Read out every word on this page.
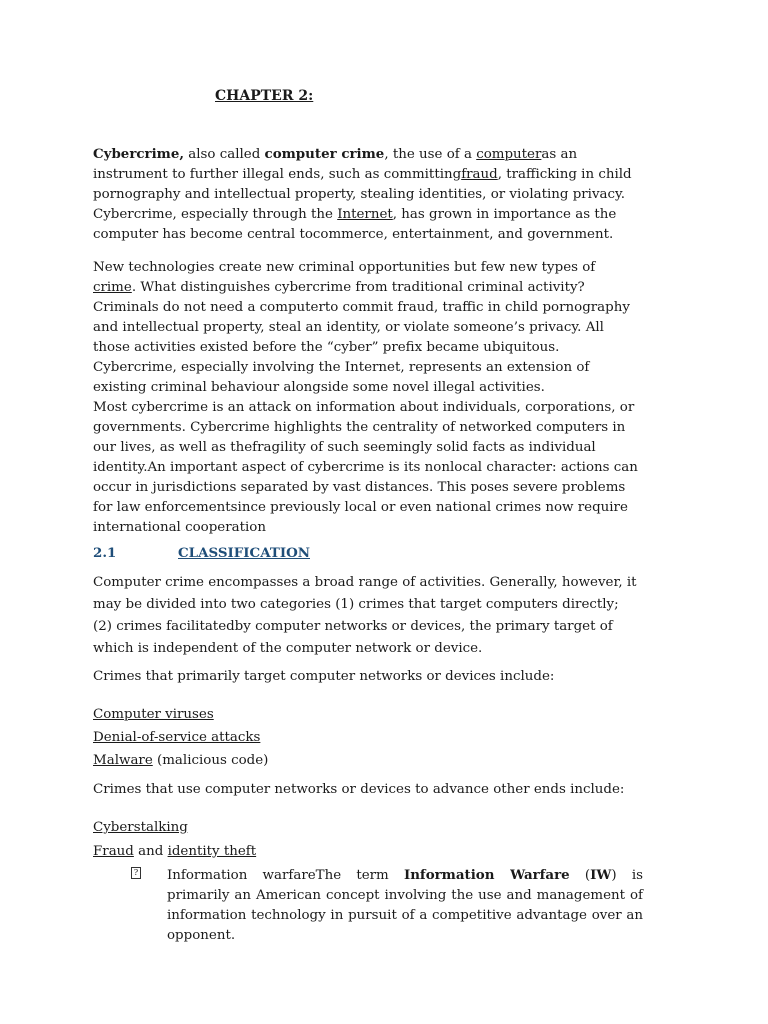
CHAPTER 2:

Cybercrime, also called computer crime, the use of a computeras an instrument to further illegal ends, such as committingfraud, trafficking in child pornography and intellectual property, stealing identities, or violating privacy. Cybercrime, especially through the Internet, has grown in importance as the computer has become central tocommerce, entertainment, and government.

New technologies create new criminal opportunities but few new types of crime. What distinguishes cybercrime from traditional criminal activity? Criminals do not need a computerto commit fraud, traffic in child pornography and intellectual property, steal an identity, or violate someone’s privacy. All those activities existed before the “cyber” prefix became ubiquitous. Cybercrime, especially involving the Internet, represents an extension of existing criminal behaviour alongside some novel illegal activities.

Most cybercrime is an attack on information about individuals, corporations, or governments. Cybercrime highlights the centrality of networked computers in our lives, as well as thefragility of such seemingly solid facts as individual identity.An important aspect of cybercrime is its nonlocal character: actions can occur in jurisdictions separated by vast distances. This poses severe problems for law enforcementsince previously local or even national crimes now require international cooperation

2.1	CLASSIFICATION

Computer crime encompasses a broad range of activities. Generally, however, it may be divided into two categories (1) crimes that target computers directly; (2) crimes facilitatedby computer networks or devices, the primary target of which is independent of the computer network or device.

Crimes that primarily target computer networks or devices include:
Computer viruses
Denial-of-service attacks
Malware (malicious code)
Crimes that use computer networks or devices to advance other ends include:
Cyberstalking
Fraud and identity theft
? Information warfareThe term Information Warfare (IW) is primarily an American concept involving the use and management of information technology in pursuit of a competitive advantage over an opponent.
